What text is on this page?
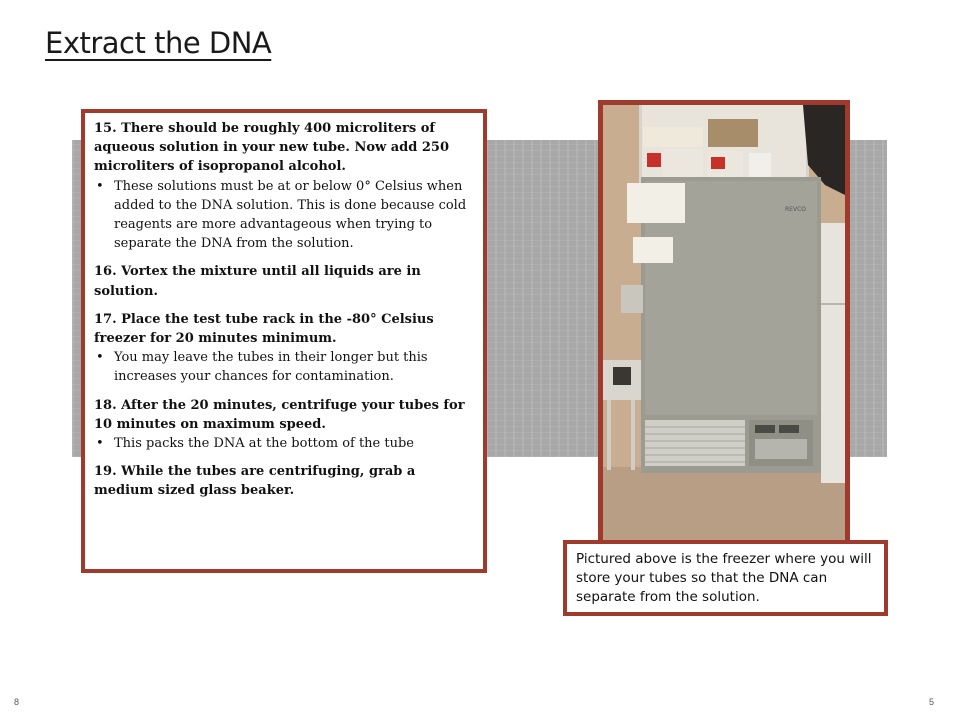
Extract the DNA

15. There should be roughly 400 microliters of aqueous solution in your new tube. Now add 250 microliters of isopropanol alcohol.

• These solutions must be at or below 0° Celsius when added to the DNA solution. This is done because cold reagents are more advantageous when trying to separate the DNA from the solution.

16. Vortex the mixture until all liquids are in solution.

17. Place the test tube rack in the -80° Celsius freezer for 20 minutes minimum.

• You may leave the tubes in their longer but this increases your chances for contamination.

18. After the 20 minutes, centrifuge your tubes for 10 minutes on maximum speed.

• This packs the DNA at the bottom of the tube

19. While the tubes are centrifuging, grab a medium sized glass beaker.

REVCO
Pictured above is the freezer where you will store your tubes so that the DNA can separate from the solution.
8	5
